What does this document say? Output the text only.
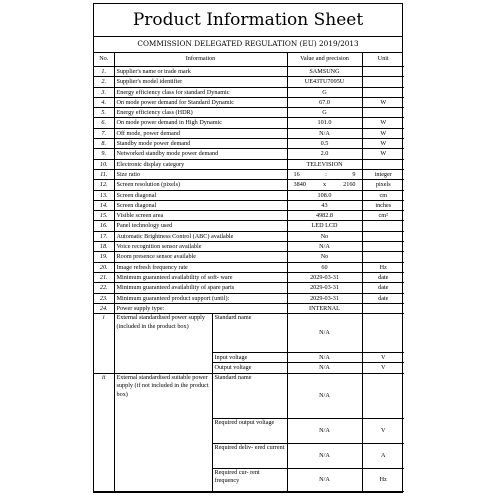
Product Information Sheet
COMMISSION DELEGATED REGULATION (EU) 2019/2013
No.	Information		Value and precision	Unit
1.	Supplier's name or trade mark		SAMSUNG	
2.	Supplier's model identifier		UE43TU7095U	
3.	Energy efficiency class for standard Dynamic		G	
4.	On mode power demand for Standard Dynamic		67.0	W
5.	Energy efficiency class (HDR)		G	
6.	On mode power demand in High Dynamic		101.0	W
7.	Off mode, power demand		N/A	W
8.	Standby mode power demand		0.5	W
9.	Networked standby mode power demand		2.0	W
10.	Electronic display category		TELEVISION	
11.	Size ratio		16 : 9	integer
12.	Screen resolution (pixels)		3840 x 2160	pixels
13.	Screen diagonal		108.0	cm
14.	Screen diagonal		43	inches
15.	Visible screen area		4982.8	cm²
16.	Panel technology used		LED LCD	
17.	Automatic Brightness Control (ABC) available		No	
18.	Voice recognition sensor available		N/A	
19.	Room presence sensor available		No	
20.	Image refresh frequency rate		60	Hz
21.	Minimum guaranteed availability of soft- ware		2029-03-31	date
22.	Minimum guaranteed availability of spare parts		2029-03-31	date
23.	Minimum guaranteed product support (until):		2029-03-31	date
24.	Power supply type:		INTERNAL	
i	External standardised power supply (included in the product box)	Standard name	N/A	
		Input voltage	N/A	V
		Output voltage	N/A	V
ii	External standardised suitable power supply (if not included in the product box)	Standard name	N/A	
		Required output voltage	N/A	V
		Required deliv- ered current	N/A	A
		Required cur- rent frequency	N/A	Hz
